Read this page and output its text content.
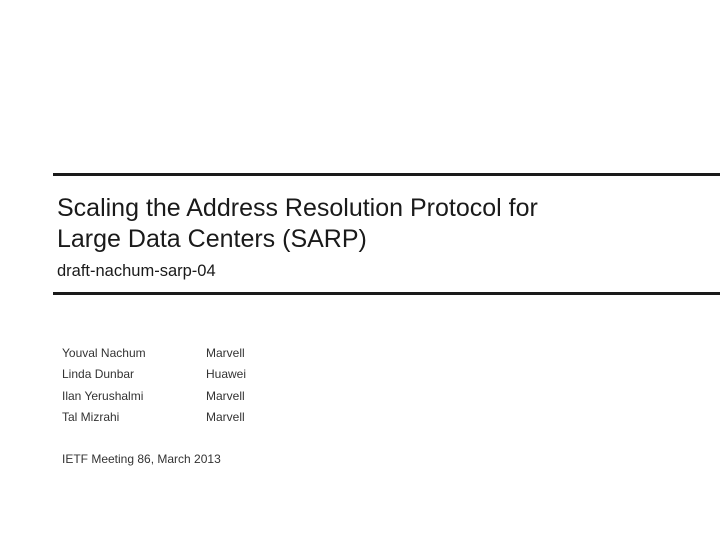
Scaling the Address Resolution Protocol for
Large Data Centers (SARP)

draft-nachum-sarp-04

Youval Nachum	Marvell
Linda Dunbar	Huawei
Ilan Yerushalmi	Marvell
Tal Mizrahi	Marvell

IETF Meeting 86, March 2013
